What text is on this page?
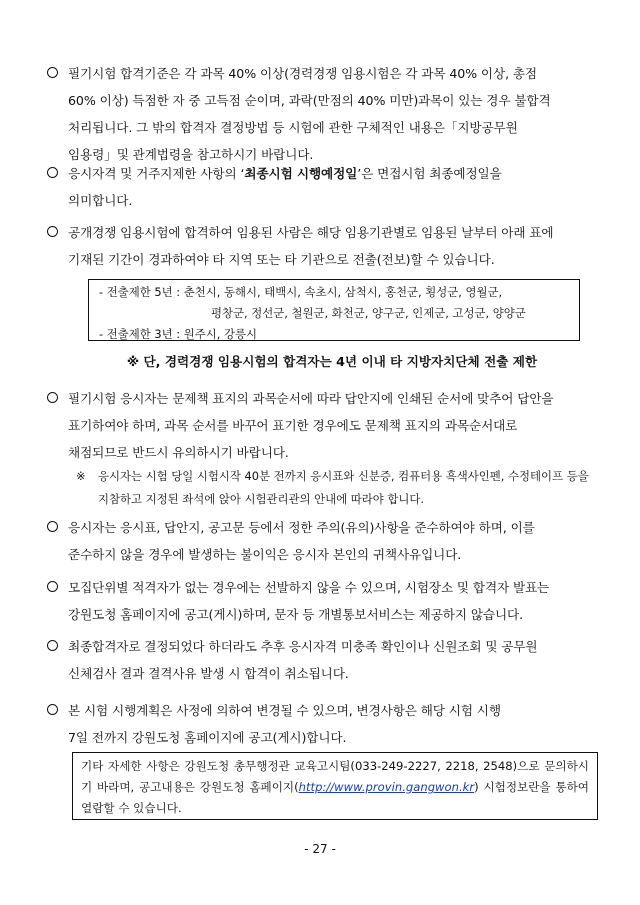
필기시험 합격기준은 각 과목 40% 이상(경력경쟁 임용시험은 각 과목 40% 이상, 총점

60% 이상) 득점한 자 중 고득점 순이며, 과락(만점의 40% 미만)과목이 있는 경우 불합격

처리됩니다. 그 밖의 합격자 결정방법 등 시험에 관한 구체적인 내용은「지방공무원

임용령」및 관계법령을 참고하시기 바랍니다.

응시자격 및 거주지제한 사항의 ‘최종시험 시행예정일’은 면접시험 최종예정일을

의미합니다.

공개경쟁 임용시험에 합격하여 임용된 사람은 해당 임용기관별로 임용된 날부터 아래 표에

기재된 기간이 경과하여야 타 지역 또는 타 기관으로 전출(전보)할 수 있습니다.

- 전출제한 5년 : 춘천시, 동해시, 태백시, 속초시, 삼척시, 홍천군, 횡성군, 영월군,
평창군, 정선군, 철원군, 화천군, 양구군, 인제군, 고성군, 양양군
- 전출제한 3년 : 원주시, 강릉시
※ 단, 경력경쟁 임용시험의 합격자는 4년 이내 타 지방자치단체 전출 제한

필기시험 응시자는 문제책 표지의 과목순서에 따라 답안지에 인쇄된 순서에 맞추어 답안을

표기하여야 하며, 과목 순서를 바꾸어 표기한 경우에도 문제책 표지의 과목순서대로

채점되므로 반드시 유의하시기 바랍니다.

※	응시자는 시험 당일 시험시작 40분 전까지 응시표와 신분증, 컴퓨터용 흑색사인펜, 수정테이프 등을 지참하고 지정된 좌석에 앉아 시험관리관의 안내에 따라야 합니다.

응시자는 응시표, 답안지, 공고문 등에서 정한 주의(유의)사항을 준수하여야 하며, 이를

준수하지 않을 경우에 발생하는 불이익은 응시자 본인의 귀책사유입니다.

모집단위별 적격자가 없는 경우에는 선발하지 않을 수 있으며, 시험장소 및 합격자 발표는

강원도청 홈페이지에 공고(게시)하며, 문자 등 개별통보서비스는 제공하지 않습니다.

최종합격자로 결정되었다 하더라도 추후 응시자격 미충족 확인이나 신원조회 및 공무원

신체검사 결과 결격사유 발생 시 합격이 취소됩니다.

본 시험 시행계획은 사정에 의하여 변경될 수 있으며, 변경사항은 해당 시험 시행

7일 전까지 강원도청 홈페이지에 공고(게시)합니다.

기타 자세한 사항은 강원도청 총무행정관 교육고시팀(033-249-2227, 2218, 2548)으로 문의하시기 바라며, 공고내용은 강원도청 홈페이지(http://www.provin.gangwon.kr) 시험정보란을 통하여 열람할 수 있습니다.
- 27 -
